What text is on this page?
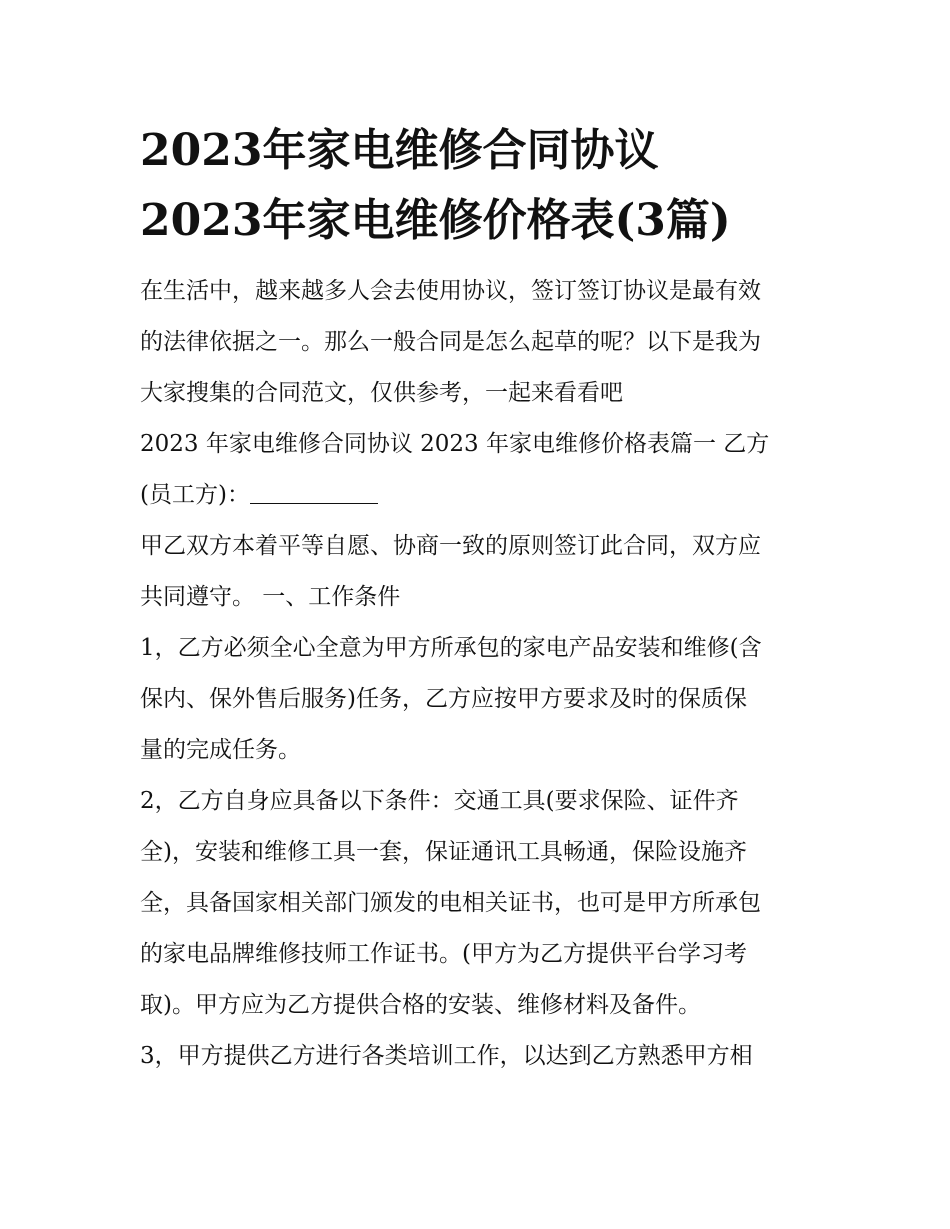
2023年家电维修合同协议
2023年家电维修价格表(3篇)

在生活中，越来越多人会去使用协议，签订签订协议是最有效
的法律依据之一。那么一般合同是怎么起草的呢？以下是我为
大家搜集的合同范文，仅供参考，一起来看看吧

2023 年家电维修合同协议 2023 年家电维修价格表篇一 乙方
(员工方)：

甲乙双方本着平等自愿、协商一致的原则签订此合同，双方应
共同遵守。 一、工作条件

1，乙方必须全心全意为甲方所承包的家电产品安装和维修(含
保内、保外售后服务)任务，乙方应按甲方要求及时的保质保
量的完成任务。

2，乙方自身应具备以下条件：交通工具(要求保险、证件齐
全)，安装和维修工具一套，保证通讯工具畅通，保险设施齐
全，具备国家相关部门颁发的电相关证书，也可是甲方所承包
的家电品牌维修技师工作证书。(甲方为乙方提供平台学习考
取)。甲方应为乙方提供合格的安装、维修材料及备件。

3，甲方提供乙方进行各类培训工作，以达到乙方熟悉甲方相
